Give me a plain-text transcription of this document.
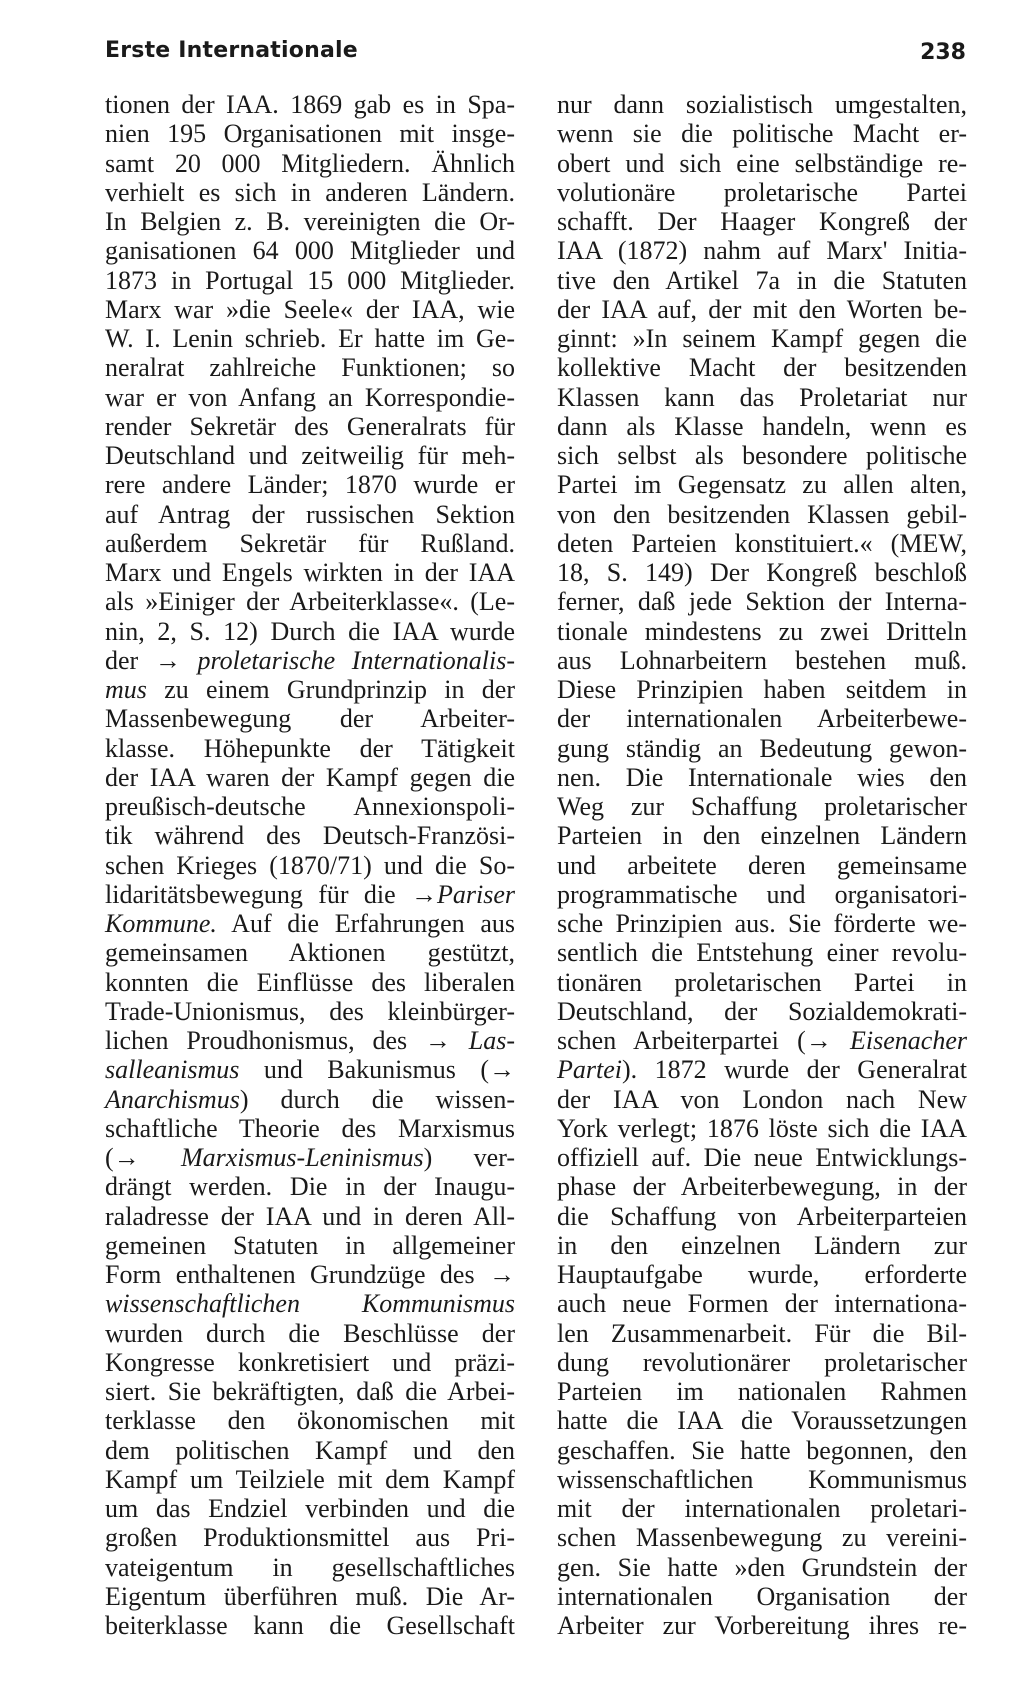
Erste Internationale	238
tionen der IAA. 1869 gab es in Spa-
nien 195 Organisationen mit insge-
samt 20 000 Mitgliedern. Ähnlich
verhielt es sich in anderen Ländern.
In Belgien z. B. vereinigten die Or-
ganisationen 64 000 Mitglieder und
1873 in Portugal 15 000 Mitglieder.
Marx war »die Seele« der IAA, wie
W. I. Lenin schrieb. Er hatte im Ge-
neralrat zahlreiche Funktionen; so
war er von Anfang an Korrespondie-
render Sekretär des Generalrats für
Deutschland und zeitweilig für meh-
rere andere Länder; 1870 wurde er
auf Antrag der russischen Sektion
außerdem Sekretär für Rußland.
Marx und Engels wirkten in der IAA
als »Einiger der Arbeiterklasse«. (Le-
nin, 2, S. 12) Durch die IAA wurde
der → proletarische Internationalis-
mus zu einem Grundprinzip in der
Massenbewegung der Arbeiter-
klasse. Höhepunkte der Tätigkeit
der IAA waren der Kampf gegen die
preußisch-deutsche Annexionspoli-
tik während des Deutsch-Französi-
schen Krieges (1870/71) und die So-
lidaritätsbewegung für die →Pariser
Kommune. Auf die Erfahrungen aus
gemeinsamen Aktionen gestützt,
konnten die Einflüsse des liberalen
Trade-Unionismus, des kleinbürger-
lichen Proudhonismus, des → Las-
salleanismus und Bakunismus (→
Anarchismus) durch die wissen-
schaftliche Theorie des Marxismus
(→ Marxismus-Leninismus) ver-
drängt werden. Die in der Inaugu-
raladresse der IAA und in deren All-
gemeinen Statuten in allgemeiner
Form enthaltenen Grundzüge des →
wissenschaftlichen Kommunismus
wurden durch die Beschlüsse der
Kongresse konkretisiert und präzi-
siert. Sie bekräftigten, daß die Arbei-
terklasse den ökonomischen mit
dem politischen Kampf und den
Kampf um Teilziele mit dem Kampf
um das Endziel verbinden und die
großen Produktionsmittel aus Pri-
vateigentum in gesellschaftliches
Eigentum überführen muß. Die Ar-
beiterklasse kann die Gesellschaft
nur dann sozialistisch umgestalten,
wenn sie die politische Macht er-
obert und sich eine selbständige re-
volutionäre proletarische Partei
schafft. Der Haager Kongreß der
IAA (1872) nahm auf Marx' Initia-
tive den Artikel 7a in die Statuten
der IAA auf, der mit den Worten be-
ginnt: »In seinem Kampf gegen die
kollektive Macht der besitzenden
Klassen kann das Proletariat nur
dann als Klasse handeln, wenn es
sich selbst als besondere politische
Partei im Gegensatz zu allen alten,
von den besitzenden Klassen gebil-
deten Parteien konstituiert.« (MEW,
18, S. 149) Der Kongreß beschloß
ferner, daß jede Sektion der Interna-
tionale mindestens zu zwei Dritteln
aus Lohnarbeitern bestehen muß.
Diese Prinzipien haben seitdem in
der internationalen Arbeiterbewe-
gung ständig an Bedeutung gewon-
nen. Die Internationale wies den
Weg zur Schaffung proletarischer
Parteien in den einzelnen Ländern
und arbeitete deren gemeinsame
programmatische und organisatori-
sche Prinzipien aus. Sie förderte we-
sentlich die Entstehung einer revolu-
tionären proletarischen Partei in
Deutschland, der Sozialdemokrati-
schen Arbeiterpartei (→ Eisenacher
Partei). 1872 wurde der Generalrat
der IAA von London nach New
York verlegt; 1876 löste sich die IAA
offiziell auf. Die neue Entwicklungs-
phase der Arbeiterbewegung, in der
die Schaffung von Arbeiterparteien
in den einzelnen Ländern zur
Hauptaufgabe wurde, erforderte
auch neue Formen der internationa-
len Zusammenarbeit. Für die Bil-
dung revolutionärer proletarischer
Parteien im nationalen Rahmen
hatte die IAA die Voraussetzungen
geschaffen. Sie hatte begonnen, den
wissenschaftlichen Kommunismus
mit der internationalen proletari-
schen Massenbewegung zu vereini-
gen. Sie hatte »den Grundstein der
internationalen Organisation der
Arbeiter zur Vorbereitung ihres re-
